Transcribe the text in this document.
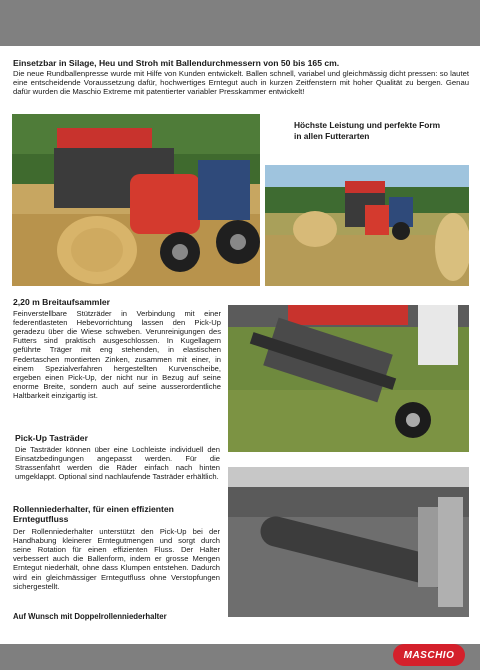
Einsetzbar in Silage, Heu und Stroh mit Ballendurchmessern von 50 bis 165 cm.
Die neue Rundballenpresse wurde mit Hilfe von Kunden entwickelt. Ballen schnell, variabel und gleichmässig dicht pressen: so lautet eine entscheidende Voraussetzung dafür, hochwertiges Erntegut auch in kurzen Zeitfenstern mit hoher Qualität zu bergen. Genau dafür wurden die Maschio Extreme mit patentierter variabler Presskammer entwickelt!
Höchste Leistung und perfekte Form in allen Futterarten
2,20 m Breitaufsammler
Feinverstellbare Stützräder in Verbindung mit einer federentlasteten Hebevorrichtung lassen den Pick-Up geradezu über die Wiese schweben. Verunreinigungen des Futters sind praktisch ausgeschlossen. In Kugellagern geführte Träger mit eng stehenden, in elastischen Federtaschen montierten Zinken, zusammen mit einer, in einem Spezialverfahren hergestellten Kurvenscheibe, ergeben einen Pick-Up, der nicht nur in Bezug auf seine enorme Breite, sondern auch auf seine ausserordentliche Haltbarkeit einzigartig ist.
Pick-Up Tasträder
Die Tasträder können über eine Lochleiste individuell den Einsatzbedingungen angepasst werden. Für die Strassenfahrt werden die Räder einfach nach hinten umgeklappt. Optional sind nachlaufende Tasträder erhältlich.
Rollenniederhalter, für einen effizienten Erntegutfluss
Der Rollenniederhalter unterstützt den Pick-Up bei der Handhabung kleinerer Erntegutmengen und sorgt durch seine Rotation für einen effizienten Fluss. Der Halter verbessert auch die Ballenform, indem er grosse Mengen Erntegut niederhält, ohne dass Klumpen entstehen. Dadurch wird ein gleichmässiger Erntegutfluss ohne Verstopfungen sichergestellt.
Auf Wunsch mit Doppelrollenniederhalter
MASCHIO
